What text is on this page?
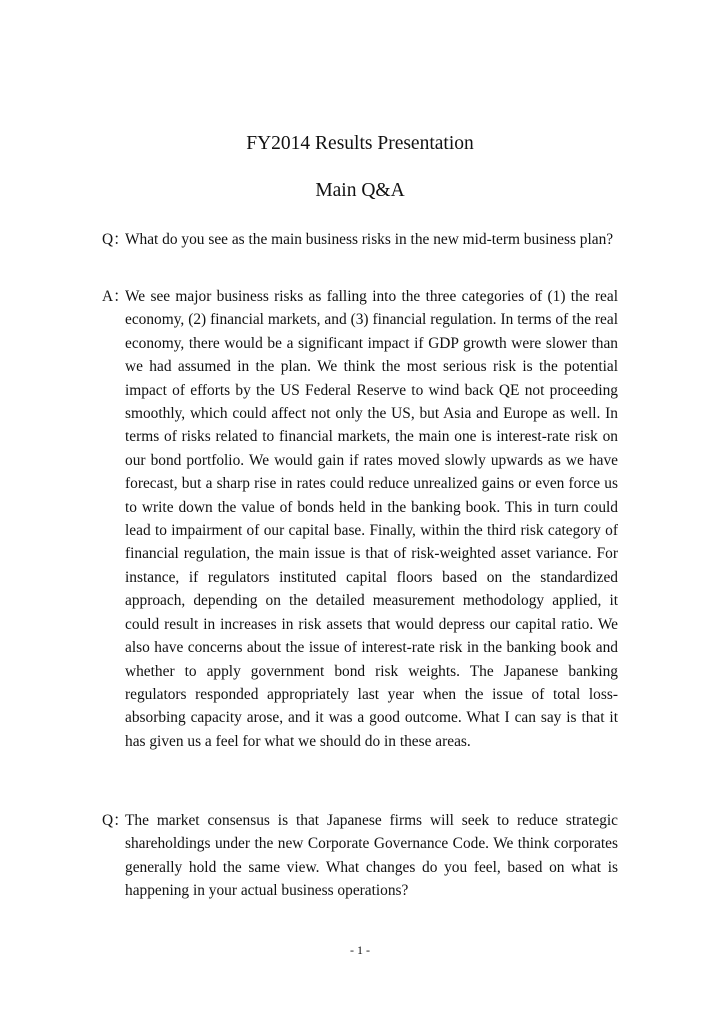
FY2014 Results Presentation
Main Q&A
Q：
What do you see as the main business risks in the new mid-term business plan?
A：
We see major business risks as falling into the three categories of (1) the real economy, (2) financial markets, and (3) financial regulation. In terms of the real economy, there would be a significant impact if GDP growth were slower than we had assumed in the plan. We think the most serious risk is the potential impact of efforts by the US Federal Reserve to wind back QE not proceeding smoothly, which could affect not only the US, but Asia and Europe as well. In terms of risks related to financial markets, the main one is interest-rate risk on our bond portfolio. We would gain if rates moved slowly upwards as we have forecast, but a sharp rise in rates could reduce unrealized gains or even force us to write down the value of bonds held in the banking book. This in turn could lead to impairment of our capital base. Finally, within the third risk category of financial regulation, the main issue is that of risk-weighted asset variance. For instance, if regulators instituted capital floors based on the standardized approach, depending on the detailed measurement methodology applied, it could result in increases in risk assets that would depress our capital ratio. We also have concerns about the issue of interest-rate risk in the banking book and whether to apply government bond risk weights. The Japanese banking regulators responded appropriately last year when the issue of total loss-absorbing capacity arose, and it was a good outcome. What I can say is that it has given us a feel for what we should do in these areas.
Q：
The market consensus is that Japanese firms will seek to reduce strategic shareholdings under the new Corporate Governance Code. We think corporates generally hold the same view. What changes do you feel, based on what is happening in your actual business operations?
- 1 -
